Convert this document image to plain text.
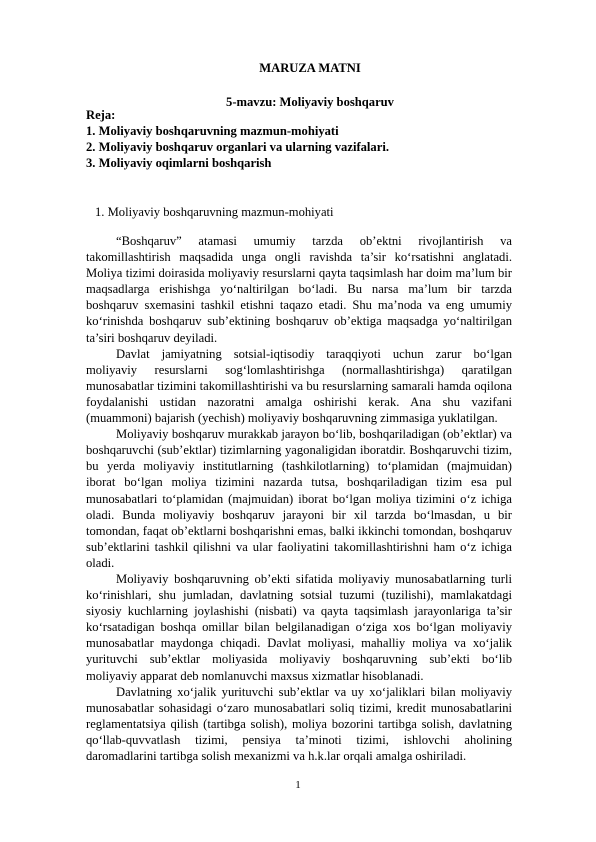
MARUZA MATNI
5-mavzu: Moliyaviy boshqaruv
Reja:
1. Moliyaviy boshqaruvning mazmun-mohiyati
2. Moliyaviy boshqaruv organlari va ularning vazifalari.
3. Moliyaviy oqimlarni boshqarish
1. Moliyaviy boshqaruvning mazmun-mohiyati

“Boshqaruv” atamasi umumiy tarzda ob’ektni rivojlantirish va takomillashtirish maqsadida unga ongli ravishda ta’sir ko‘rsatishni anglatadi. Moliya tizimi doirasida moliyaviy resurslarni qayta taqsimlash har doim ma’lum bir maqsadlarga erishishga yo‘naltirilgan bo‘ladi. Bu narsa ma’lum bir tarzda boshqaruv sxemasini tashkil etishni taqazo etadi. Shu ma’noda va eng umumiy ko‘rinishda boshqaruv sub’ektining boshqaruv ob’ektiga maqsadga yo‘naltirilgan ta’siri boshqaruv deyiladi.

Davlat jamiyatning sotsial-iqtisodiy taraqqiyoti uchun zarur bo‘lgan moliyaviy resurslarni sog‘lomlashtirishga (normallashtirishga) qaratilgan munosabatlar tizimini takomillashtirishi va bu resurslarning samarali hamda oqilona foydalanishi ustidan nazoratni amalga oshirishi kerak. Ana shu vazifani (muammoni) bajarish (yechish) moliyaviy boshqaruvning zimmasiga yuklatilgan.

Moliyaviy boshqaruv murakkab jarayon bo‘lib, boshqariladigan (ob’ektlar) va boshqaruvchi (sub’ektlar) tizimlarning yagonaligidan iboratdir. Boshqaruvchi tizim, bu yerda moliyaviy institutlarning (tashkilotlarning) to‘plamidan (majmuidan) iborat bo‘lgan moliya tizimini nazarda tutsa, boshqariladigan tizim esa pul munosabatlari to‘plamidan (majmuidan) iborat bo‘lgan moliya tizimini o‘z ichiga oladi. Bunda moliyaviy boshqaruv jarayoni bir xil tarzda bo‘lmasdan, u bir tomondan, faqat ob’ektlarni boshqarishni emas, balki ikkinchi tomondan, boshqaruv sub’ektlarini tashkil qilishni va ular faoliyatini takomillashtirishni ham o‘z ichiga oladi.

Moliyaviy boshqaruvning ob’ekti sifatida moliyaviy munosabatlarning turli ko‘rinishlari, shu jumladan, davlatning sotsial tuzumi (tuzilishi), mamlakatdagi siyosiy kuchlarning joylashishi (nisbati) va qayta taqsimlash jarayonlariga ta’sir ko‘rsatadigan boshqa omillar bilan belgilanadigan o‘ziga xos bo‘lgan moliyaviy munosabatlar maydonga chiqadi. Davlat moliyasi, mahalliy moliya va xo‘jalik yurituvchi sub’ektlar moliyasida moliyaviy boshqaruvning sub’ekti bo‘lib moliyaviy apparat deb nomlanuvchi maxsus xizmatlar hisoblanadi.

Davlatning xo‘jalik yurituvchi sub’ektlar va uy xo‘jaliklari bilan moliyaviy munosabatlar sohasidagi o‘zaro munosabatlari soliq tizimi, kredit munosabatlarini reglamentatsiya qilish (tartibga solish), moliya bozorini tartibga solish, davlatning qo‘llab-quvvatlash tizimi, pensiya ta’minoti tizimi, ishlovchi aholining daromadlarini tartibga solish mexanizmi va h.k.lar orqali amalga oshiriladi.

1
